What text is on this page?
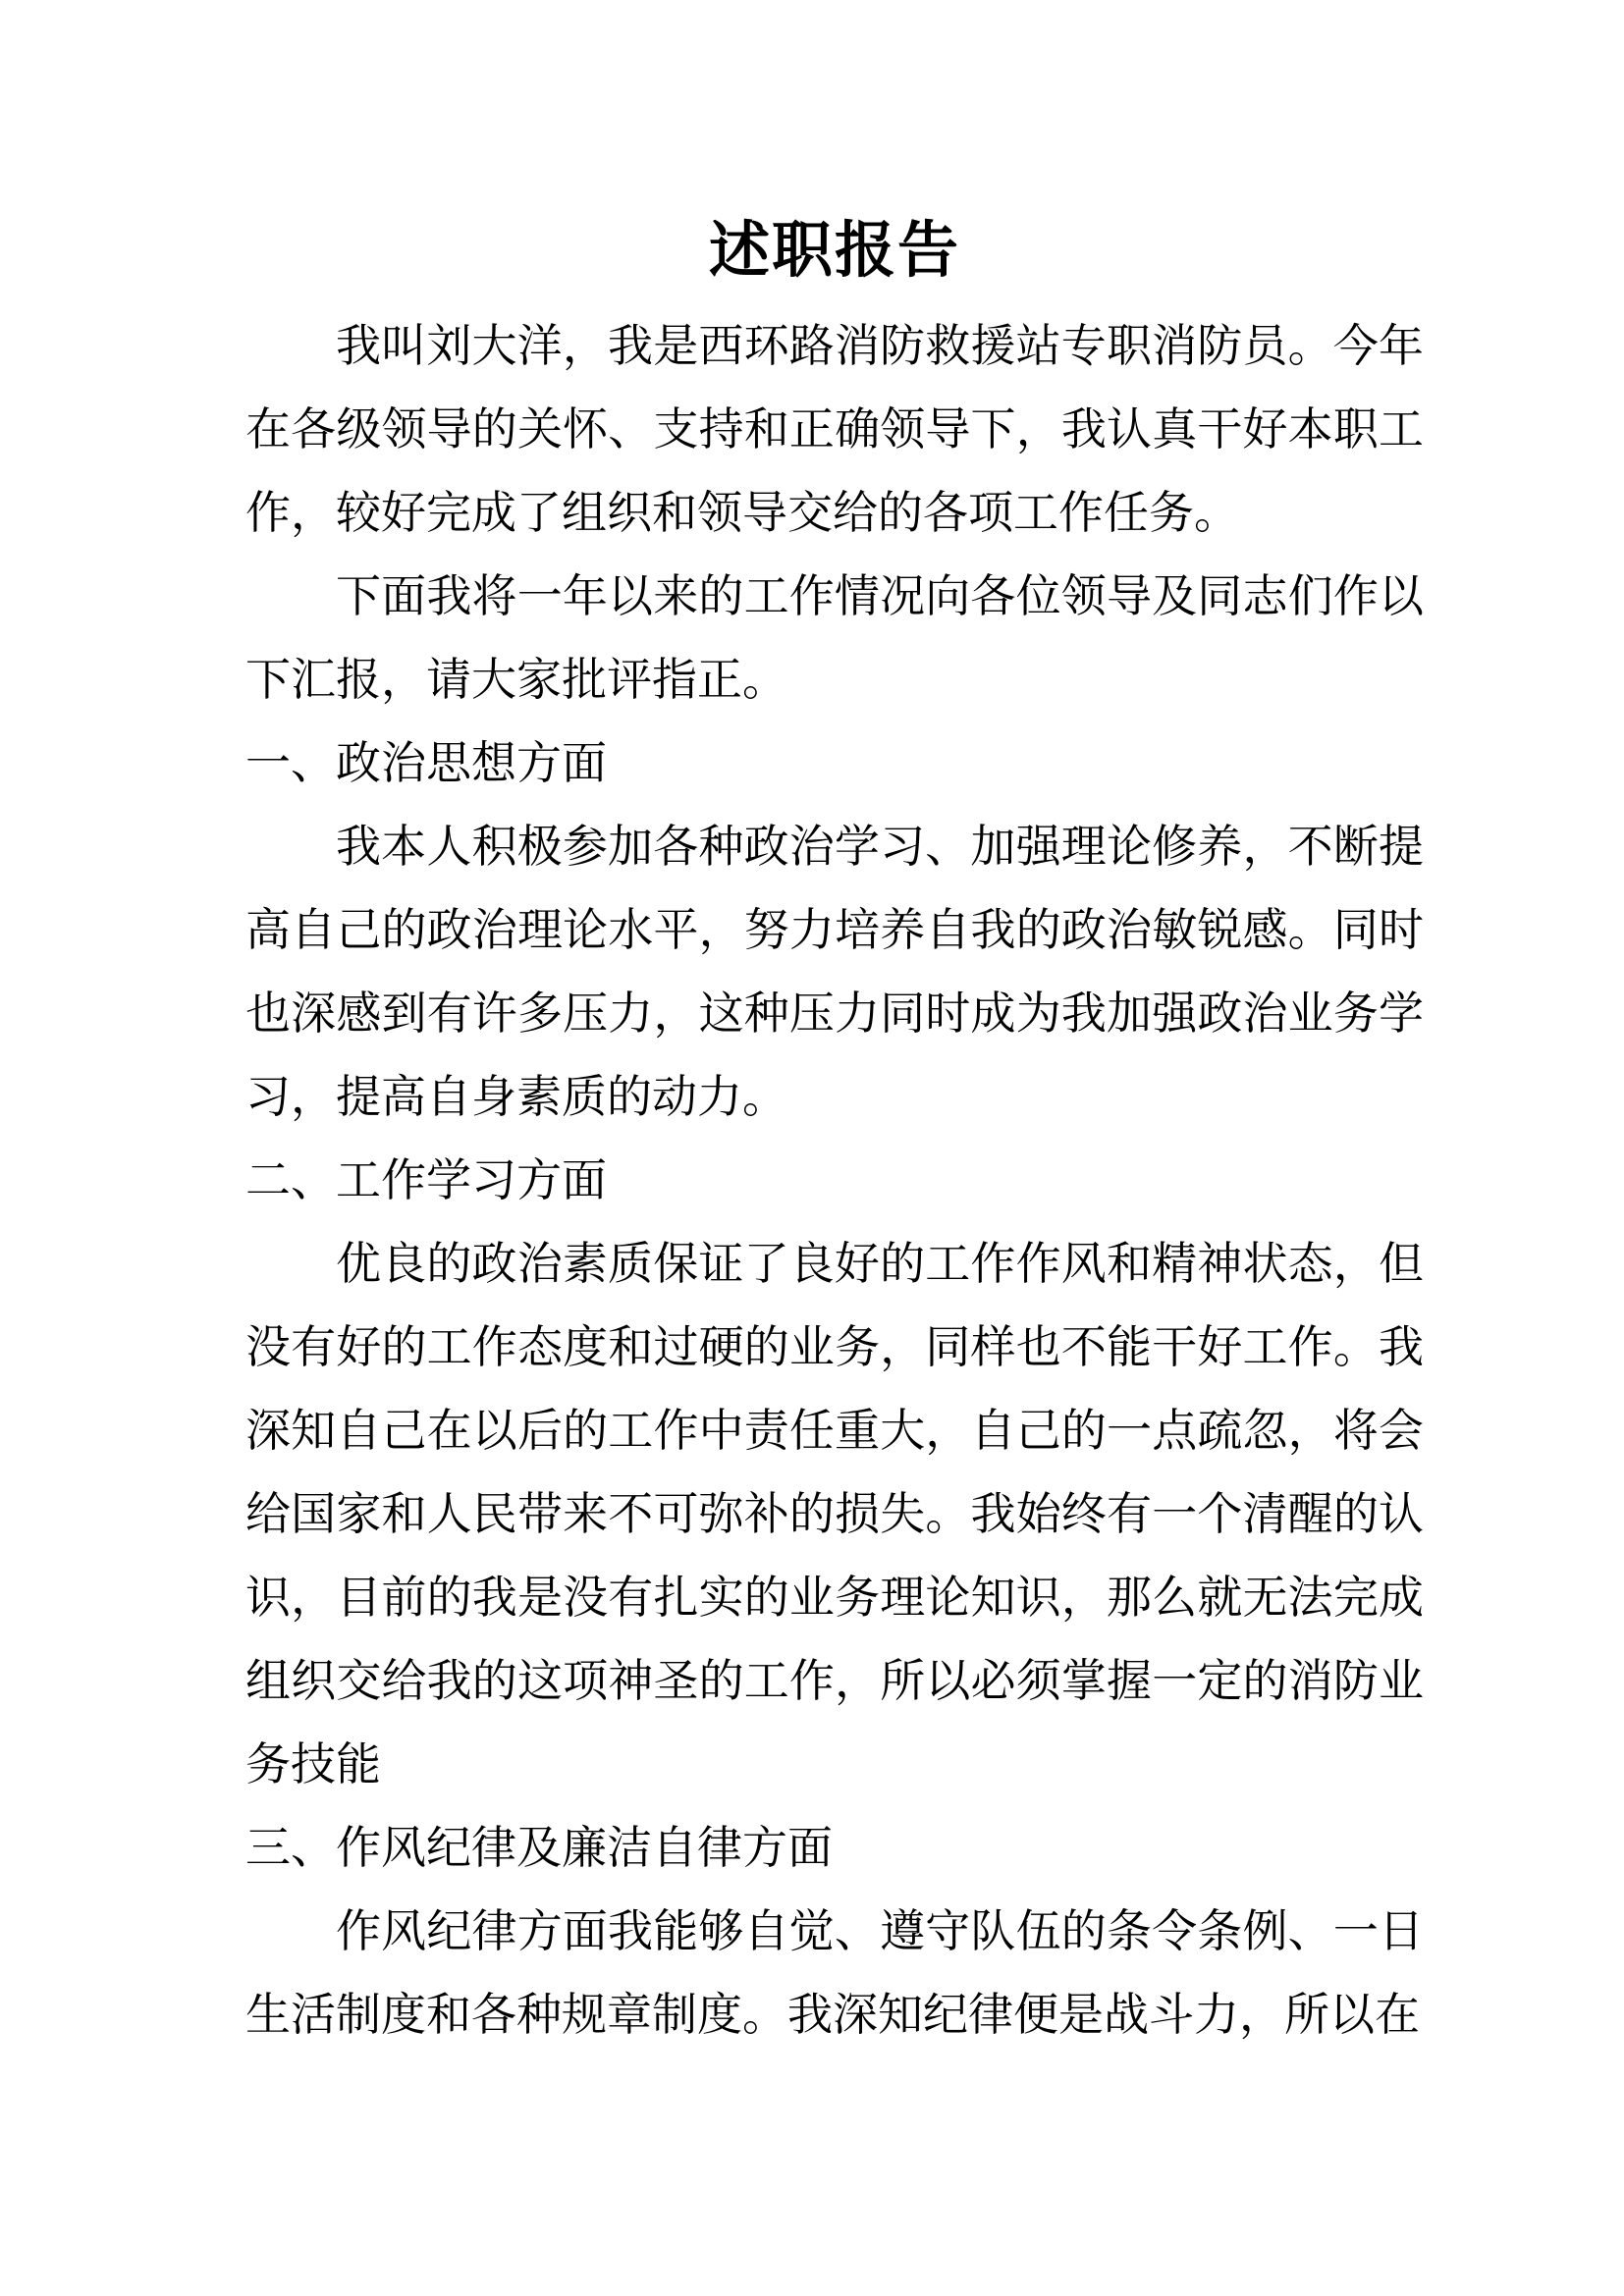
述职报告

我叫刘大洋，我是西环路消防救援站专职消防员。今年在各级领导的关怀、支持和正确领导下，我认真干好本职工作，较好完成了组织和领导交给的各项工作任务。

下面我将一年以来的工作情况向各位领导及同志们作以下汇报，请大家批评指正。

一、政治思想方面

我本人积极参加各种政治学习、加强理论修养，不断提高自己的政治理论水平，努力培养自我的政治敏锐感。同时也深感到有许多压力，这种压力同时成为我加强政治业务学习，提高自身素质的动力。

二、工作学习方面

优良的政治素质保证了良好的工作作风和精神状态，但没有好的工作态度和过硬的业务，同样也不能干好工作。我深知自己在以后的工作中责任重大，自己的一点疏忽，将会给国家和人民带来不可弥补的损失。我始终有一个清醒的认识，目前的我是没有扎实的业务理论知识，那么就无法完成组织交给我的这项神圣的工作，所以必须掌握一定的消防业务技能

三、作风纪律及廉洁自律方面

作风纪律方面我能够自觉、遵守队伍的条令条例、一日生活制度和各种规章制度。我深知纪律便是战斗力，所以在
